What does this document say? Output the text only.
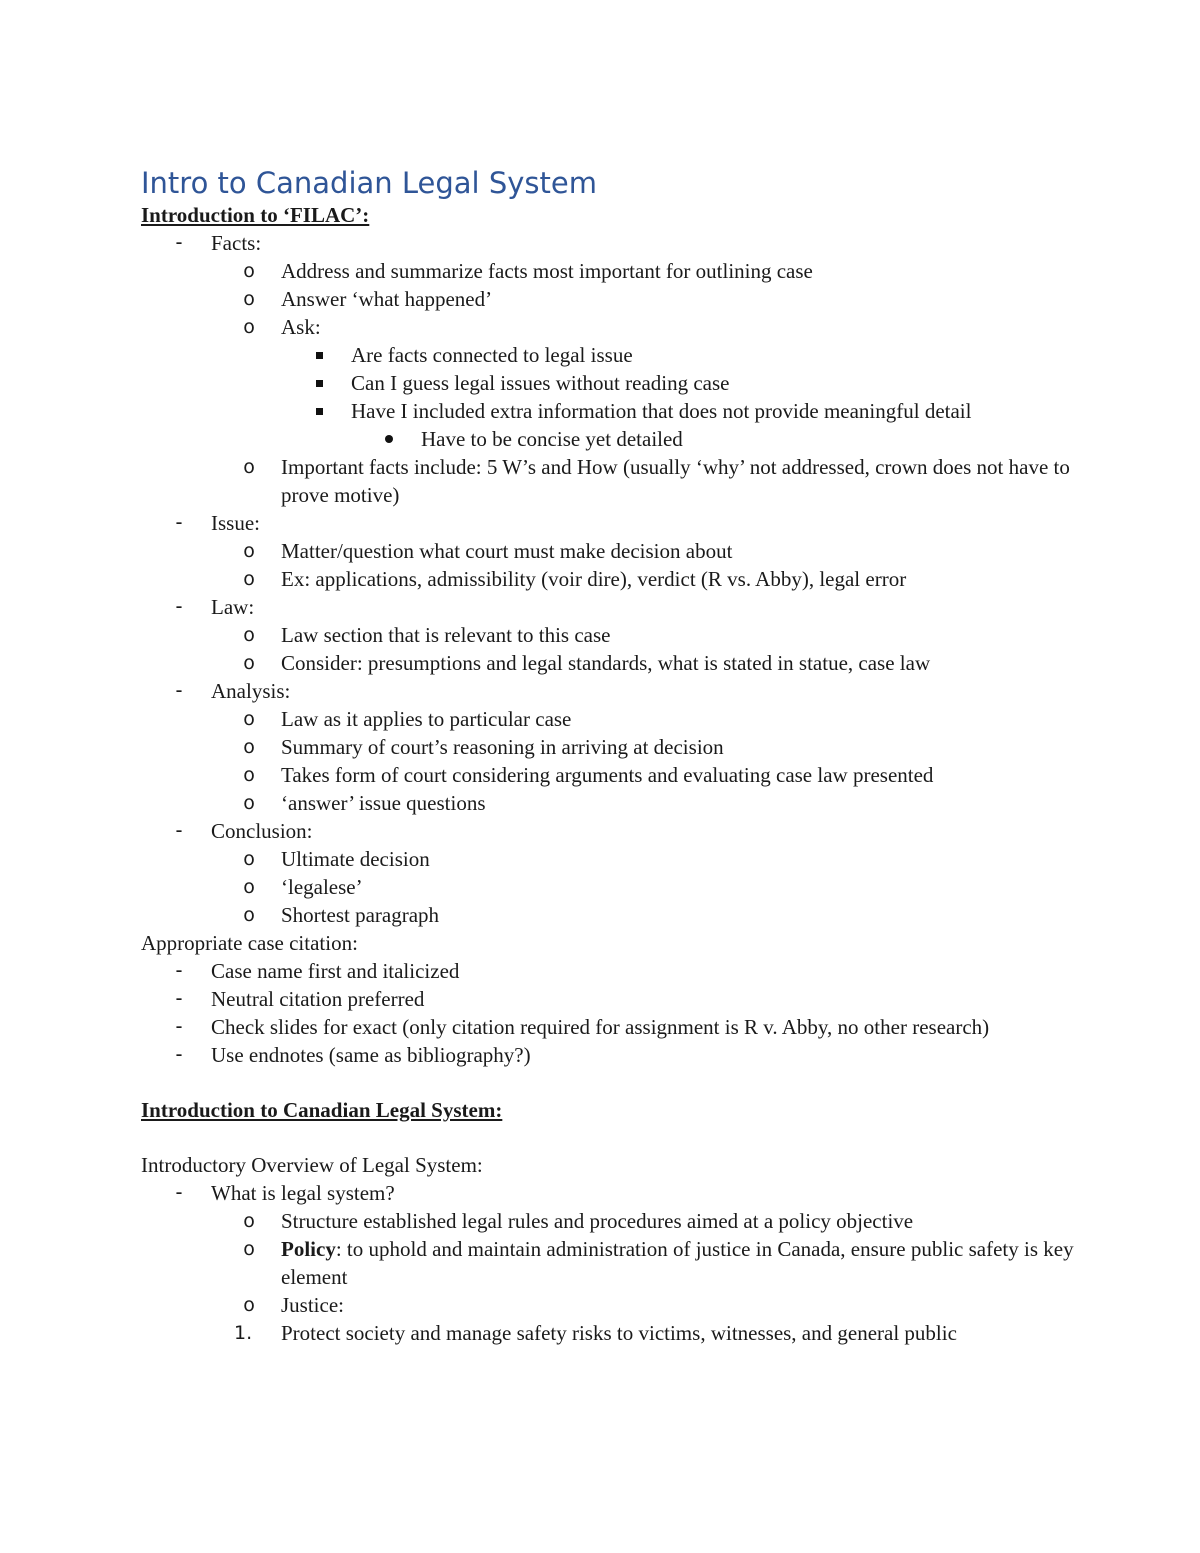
Intro to Canadian Legal System
Introduction to ‘FILAC’:
-	Facts:
o	Address and summarize facts most important for outlining case
o	Answer ‘what happened’
o	Ask:
Are facts connected to legal issue
Can I guess legal issues without reading case
Have I included extra information that does not provide meaningful detail
Have to be concise yet detailed
o	Important facts include: 5 W’s and How (usually ‘why’ not addressed, crown does not have to prove motive)
-	Issue:
o	Matter/question what court must make decision about
o	Ex: applications, admissibility (voir dire), verdict (R vs. Abby), legal error
-	Law:
o	Law section that is relevant to this case
o	Consider: presumptions and legal standards, what is stated in statue, case law
-	Analysis:
o	Law as it applies to particular case
o	Summary of court’s reasoning in arriving at decision
o	Takes form of court considering arguments and evaluating case law presented
o	‘answer’ issue questions
-	Conclusion:
o	Ultimate decision
o	‘legalese’
o	Shortest paragraph
Appropriate case citation:
-	Case name first and italicized
-	Neutral citation preferred
-	Check slides for exact (only citation required for assignment is R v. Abby, no other research)
-	Use endnotes (same as bibliography?)
Introduction to Canadian Legal System:
Introductory Overview of Legal System:
-	What is legal system?
o	Structure established legal rules and procedures aimed at a policy objective
o	Policy: to uphold and maintain administration of justice in Canada, ensure public safety is key element
o	Justice:
1.	Protect society and manage safety risks to victims, witnesses, and general public
